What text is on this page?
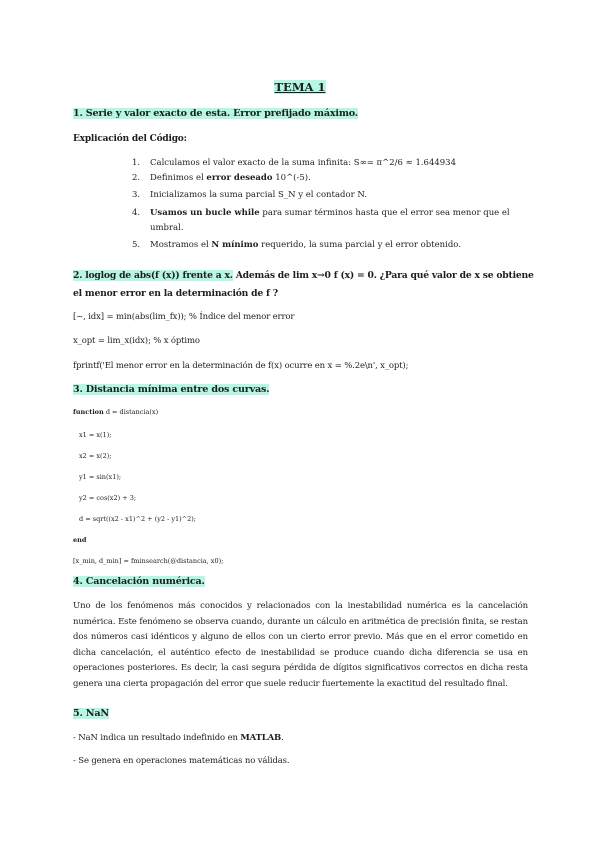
TEMA 1
1. Serie y valor exacto de esta. Error prefijado máximo.
Explicación del Código:
1. Calculamos el valor exacto de la suma infinita: S∞= π^2/6 ≈ 1.644934
2. Definimos el error deseado 10^(-5).
3. Inicializamos la suma parcial S_N y el contador N.
4. Usamos un bucle while para sumar términos hasta que el error sea menor que el
umbral.
5. Mostramos el N mínimo requerido, la suma parcial y el error obtenido.
2. loglog de abs(f (x)) frente a x. Además de lim x→0 f (x) = 0. ¿Para qué valor de x se obtiene
el menor error en la determinación de f ?
[~, idx] = min(abs(lim_fx)); % Índice del menor error
x_opt = lim_x(idx); % x óptimo
fprintf('El menor error en la determinación de f(x) ocurre en x = %.2e\n', x_opt);
3. Distancia mínima entre dos curvas.
function d = distancia(x)
x1 = x(1);
x2 = x(2);
y1 = sin(x1);
y2 = cos(x2) + 3;
d = sqrt((x2 - x1)^2 + (y2 - y1)^2);
end
[x_min, d_min] = fminsearch(@distancia, x0);
4. Cancelación numérica.
Uno de los fenómenos más conocidos y relacionados con la inestabilidad numérica es la cancelación numérica. Este fenómeno se observa cuando, durante un cálculo en aritmética de precisión finita, se restan dos números casi idénticos y alguno de ellos con un cierto error previo. Más que en el error cometido en dicha cancelación, el auténtico efecto de inestabilidad se produce cuando dicha diferencia se usa en operaciones posteriores. Es decir, la casi segura pérdida de dígitos significativos correctos en dicha resta genera una cierta propagación del error que suele reducir fuertemente la exactitud del resultado final.
5. NaN
- NaN indica un resultado indefinido en MATLAB.
- Se genera en operaciones matemáticas no válidas.
